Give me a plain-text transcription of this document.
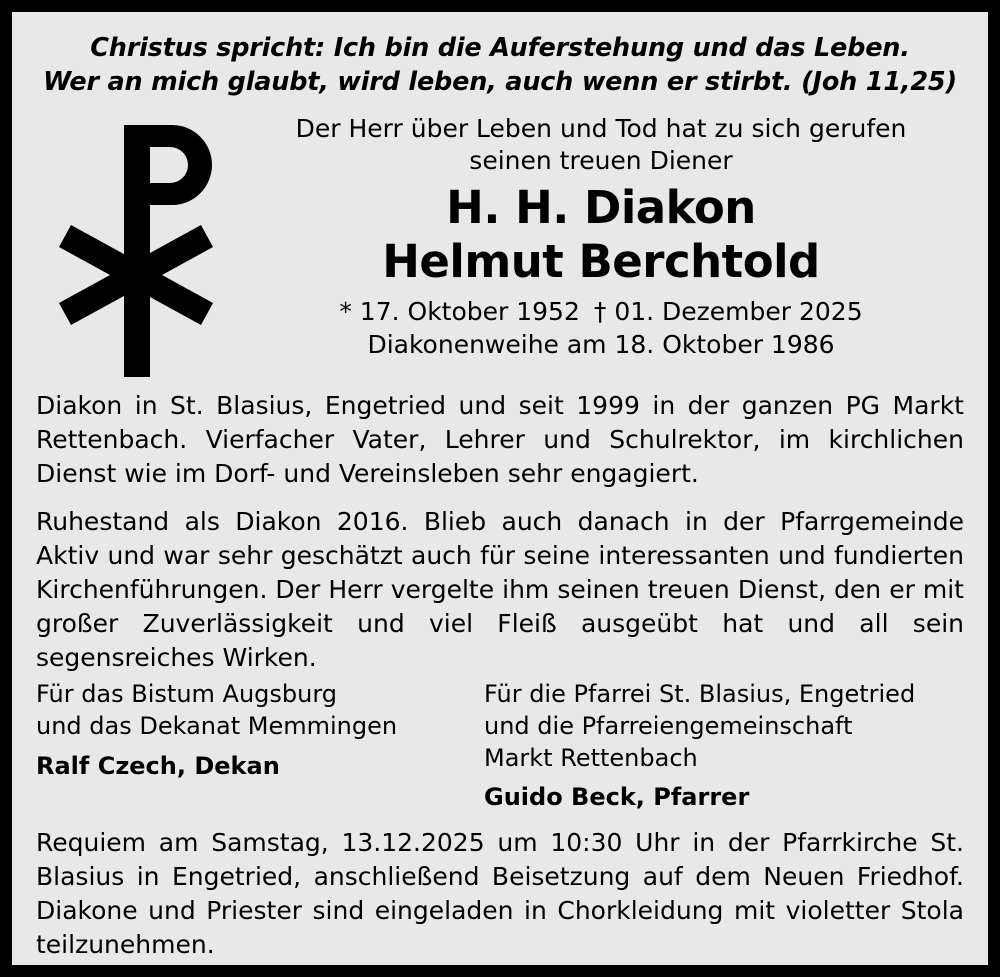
Christus spricht: Ich bin die Auferstehung und das Leben.
Wer an mich glaubt, wird leben, auch wenn er stirbt. (Joh 11,25)
Der Herr über Leben und Tod hat zu sich gerufen
seinen treuen Diener
H. H. Diakon
Helmut Berchtold
* 17. Oktober 1952 † 01. Dezember 2025
Diakonenweihe am 18. Oktober 1986
Diakon in St. Blasius, Engetried und seit 1999 in der ganzen PG Markt Rettenbach. Vierfacher Vater, Lehrer und Schulrektor, im kirchlichen Dienst wie im Dorf- und Vereinsleben sehr engagiert.
Ruhestand als Diakon 2016. Blieb auch danach in der Pfarrgemeinde Aktiv und war sehr geschätzt auch für seine interessanten und fundierten Kirchenführungen. Der Herr vergelte ihm seinen treuen Dienst, den er mit großer Zuverlässigkeit und viel Fleiß ausgeübt hat und all sein segensreiches Wirken.
Für das Bistum Augsburg
und das Dekanat Memmingen
Ralf Czech, Dekan
Für die Pfarrei St. Blasius, Engetried
und die Pfarreiengemeinschaft
Markt Rettenbach
Guido Beck, Pfarrer
Requiem am Samstag, 13.12.2025 um 10:30 Uhr in der Pfarrkirche St. Blasius in Engetried, anschließend Beisetzung auf dem Neuen Friedhof. Diakone und Priester sind eingeladen in Chorkleidung mit violetter Stola teilzunehmen.
